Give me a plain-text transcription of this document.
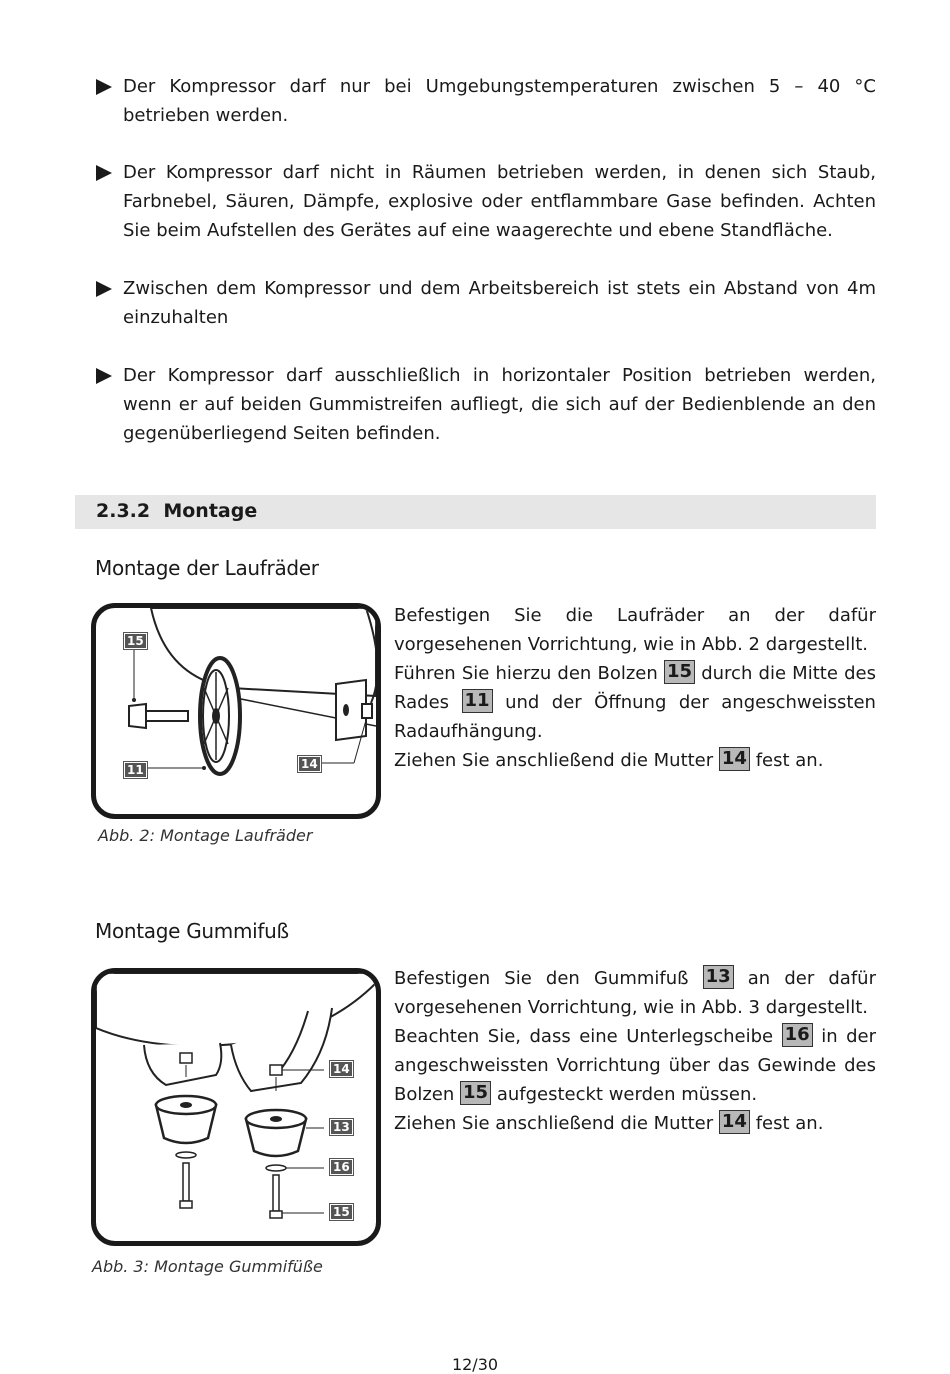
Der Kompressor darf nur bei Umgebungstemperaturen zwischen 5 – 40 °C betrieben werden.
Der Kompressor darf nicht in Räumen betrieben werden, in denen sich Staub, Farbnebel, Säuren, Dämpfe, explosive oder entflammbare Gase befinden. Achten Sie beim Aufstellen des Gerätes auf eine waagerechte und ebene Standfläche.
Zwischen dem Kompressor und dem Arbeitsbereich ist stets ein Abstand von 4m einzuhalten
Der Kompressor darf ausschließlich in horizontaler Position betrieben werden, wenn er auf beiden Gummistreifen aufliegt, die sich auf der Bedienblende an den gegenüberliegend Seiten befinden.
2.3.2 Montage
Montage der Laufräder
15
11	14
Abb. 2: Montage Laufräder

Befestigen Sie die Laufräder an der dafür vorgesehenen Vorrichtung, wie in Abb. 2 dargestellt.

Führen Sie hierzu den Bolzen 15 durch die Mitte des Rades 11 und der Öffnung der angeschweissten Radaufhängung.

Ziehen Sie anschließend die Mutter 14 fest an.

Montage Gummifuß
14
13
16
15
Abb. 3: Montage Gummifüße

Befestigen Sie den Gummifuß 13 an der dafür vorgesehenen Vorrichtung, wie in Abb. 3 dargestellt.

Beachten Sie, dass eine Unterlegscheibe 16 in der angeschweissten Vorrichtung über das Gewinde des Bolzen 15 aufgesteckt werden müssen.

Ziehen Sie anschließend die Mutter 14 fest an.

12/30
